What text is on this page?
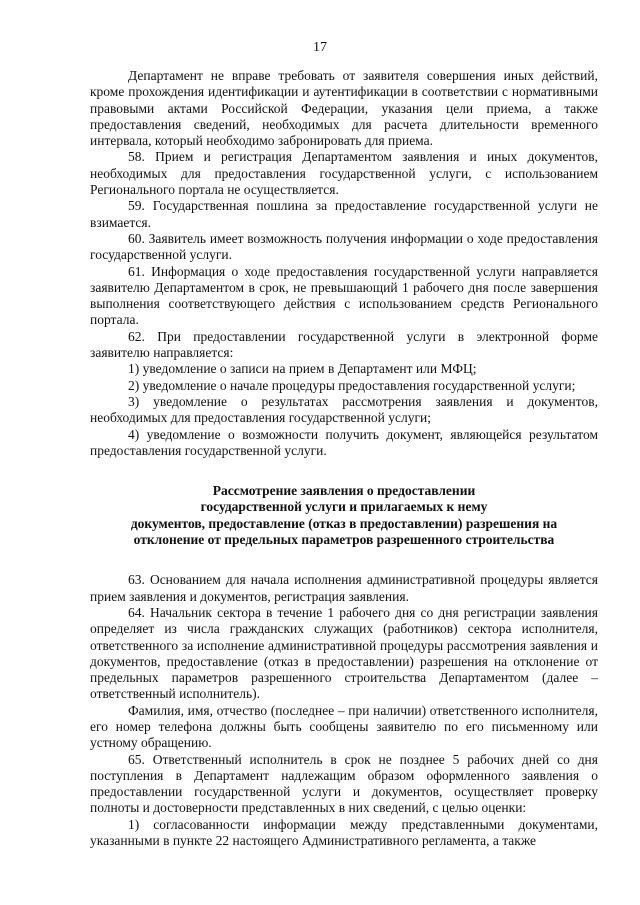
17

Департамент не вправе требовать от заявителя совершения иных действий, кроме прохождения идентификации и аутентификации в соответствии с нормативными правовыми актами Российской Федерации, указания цели приема, а также предоставления сведений, необходимых для расчета длительности временного интервала, который необходимо забронировать для приема.

58. Прием и регистрация Департаментом заявления и иных документов, необходимых для предоставления государственной услуги, с использованием Регионального портала не осуществляется.

59. Государственная пошлина за предоставление государственной услуги не взимается.

60. Заявитель имеет возможность получения информации о ходе предоставления государственной услуги.

61. Информация о ходе предоставления государственной услуги направляется заявителю Департаментом в срок, не превышающий 1 рабочего дня после завершения выполнения соответствующего действия с использованием средств Регионального портала.

62. При предоставлении государственной услуги в электронной форме заявителю направляется:

1) уведомление о записи на прием в Департамент или МФЦ;

2) уведомление о начале процедуры предоставления государственной услуги;

3) уведомление о результатах рассмотрения заявления и документов, необходимых для предоставления государственной услуги;

4) уведомление о возможности получить документ, являющейся результатом предоставления государственной услуги.

Рассмотрение заявления о предоставлении
государственной услуги и прилагаемых к нему
документов, предоставление (отказ в предоставлении) разрешения на
отклонение от предельных параметров разрешенного строительства

63. Основанием для начала исполнения административной процедуры является прием заявления и документов, регистрация заявления.

64. Начальник сектора в течение 1 рабочего дня со дня регистрации заявления определяет из числа гражданских служащих (работников) сектора исполнителя, ответственного за исполнение административной процедуры рассмотрения заявления и документов, предоставление (отказ в предоставлении) разрешения на отклонение от предельных параметров разрешенного строительства Департаментом (далее – ответственный исполнитель).

Фамилия, имя, отчество (последнее – при наличии) ответственного исполнителя, его номер телефона должны быть сообщены заявителю по его письменному или устному обращению.

65. Ответственный исполнитель в срок не позднее 5 рабочих дней со дня поступления в Департамент надлежащим образом оформленного заявления о предоставлении государственной услуги и документов, осуществляет проверку полноты и достоверности представленных в них сведений, с целью оценки:

1) согласованности информации между представленными документами, указанными в пункте 22 настоящего Административного регламента, а также
